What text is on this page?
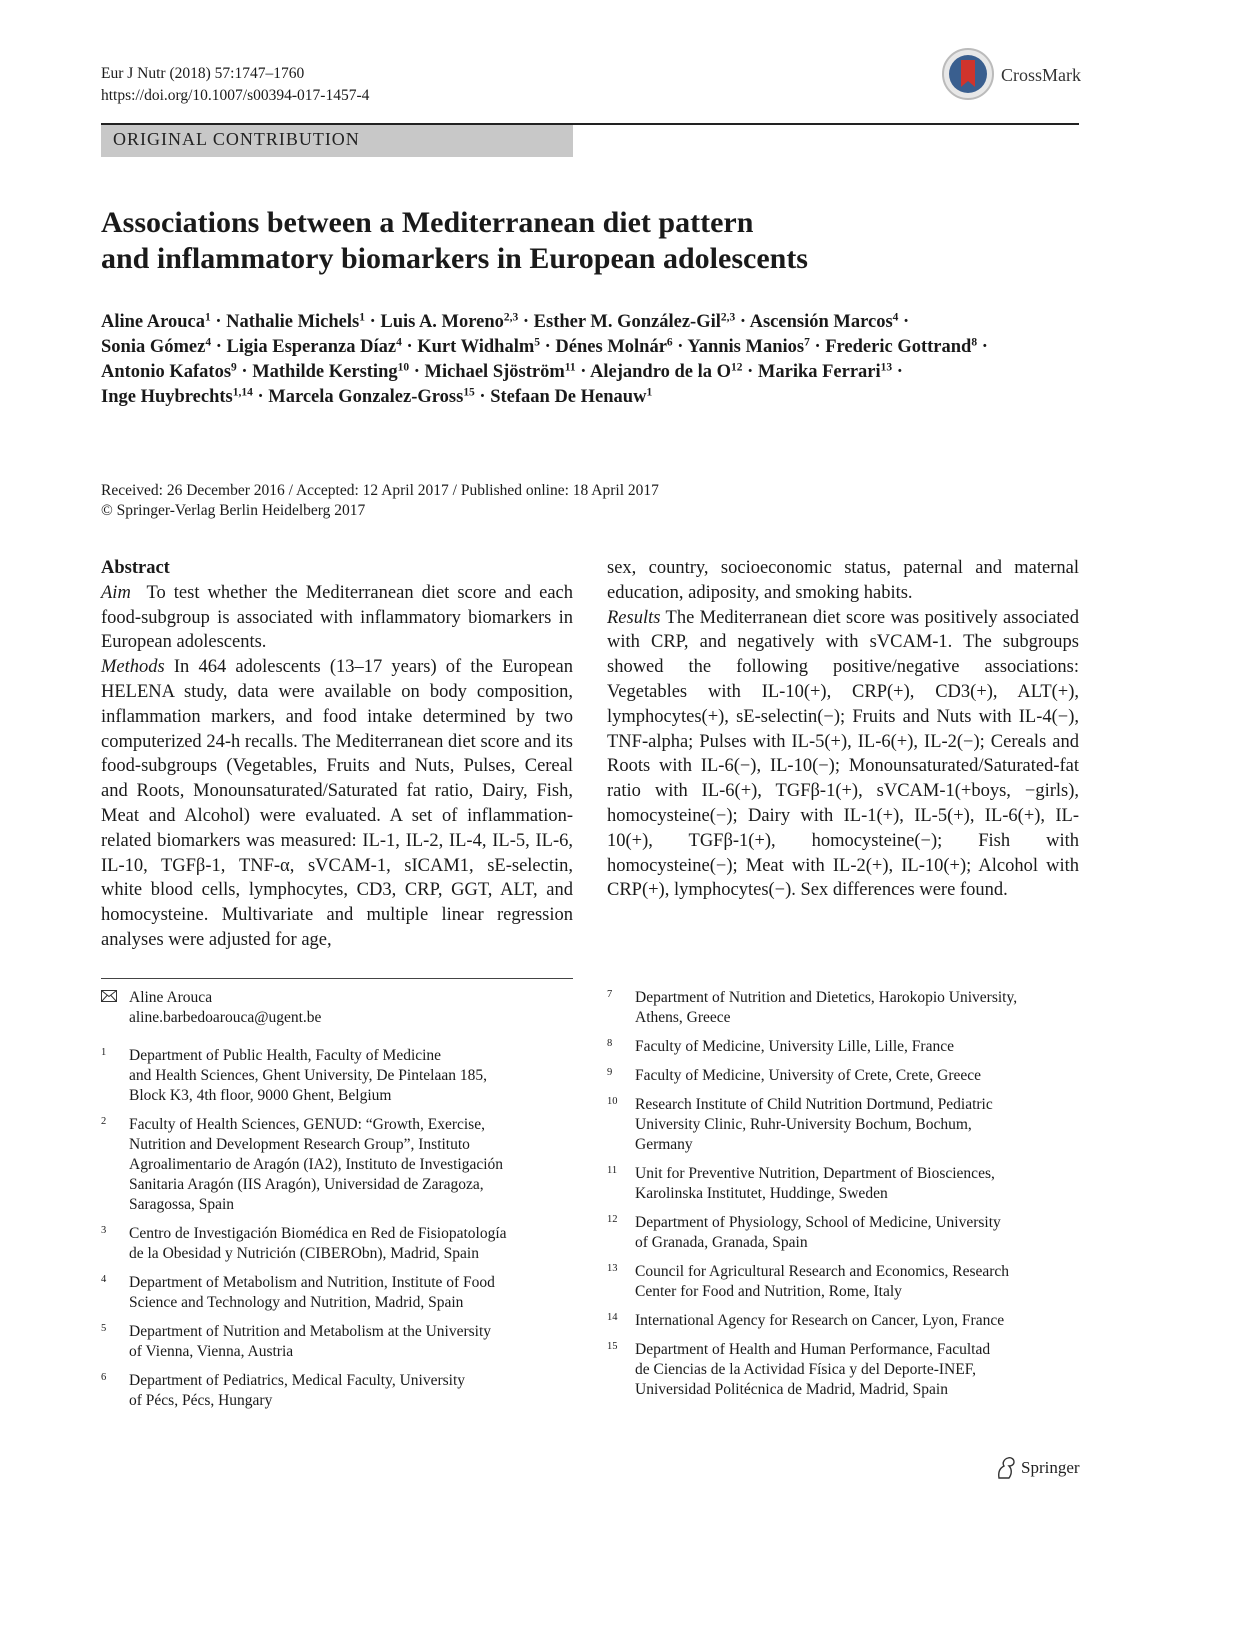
Eur J Nutr (2018) 57:1747–1760
https://doi.org/10.1007/s00394-017-1457-4
CrossMark
ORIGINAL CONTRIBUTION
Associations between a Mediterranean diet pattern
and inflammatory biomarkers in European adolescents
Aline Arouca$^1$ · Nathalie Michels$^1$ · Luis A. Moreno$^{2,3}$ · Esther M. González-Gil$^{2,3}$ · Ascensión Marcos$^4$ ·
Sonia Gómez$^4$ · Ligia Esperanza Díaz$^4$ · Kurt Widhalm$^5$ · Dénes Molnár$^6$ · Yannis Manios$^7$ · Frederic Gottrand$^8$ ·
Antonio Kafatos$^9$ · Mathilde Kersting$^{10}$ · Michael Sjöström$^{11}$ · Alejandro de la $O^{12}$ · Marika Ferrari$^{13}$ ·
Inge Huybrechts$^{1,14}$ · Marcela Gonzalez-Gross$^{15}$ · Stefaan De Henauw$^1$
Received: 26 December 2016 / Accepted: 12 April 2017 / Published online: 18 April 2017
© Springer-Verlag Berlin Heidelberg 2017
Abstract
Aim To test whether the Mediterranean diet score and each food-subgroup is associated with inflammatory biomarkers in European adolescents.
Methods In 464 adolescents (13–17 years) of the European HELENA study, data were available on body composition, inflammation markers, and food intake determined by two computerized 24-h recalls. The Mediterranean diet score and its food-subgroups (Vegetables, Fruits and Nuts, Pulses, Cereal and Roots, Monounsaturated/Saturated fat ratio, Dairy, Fish, Meat and Alcohol) were evaluated. A set of inflammation-related biomarkers was measured: IL-1, IL-2, IL-4, IL-5, IL-6, IL-10, TGFβ-1, TNF-α, sVCAM-1, sICAM1, sE-selectin, white blood cells, lymphocytes, CD3, CRP, GGT, ALT, and homocysteine. Multivariate and multiple linear regression analyses were adjusted for age,
sex, country, socioeconomic status, paternal and maternal education, adiposity, and smoking habits.
Results The Mediterranean diet score was positively associated with CRP, and negatively with sVCAM-1. The subgroups showed the following positive/negative associations: Vegetables with IL-10(+), CRP(+), CD3(+), ALT(+), lymphocytes(+), sE-selectin(−); Fruits and Nuts with IL-4(−), TNF-alpha; Pulses with IL-5(+), IL-6(+), IL-2(−); Cereals and Roots with IL-6(−), IL-10(−); Monounsaturated/Saturated-fat ratio with IL-6(+), TGFβ-1(+), sVCAM-1(+boys, −girls), homocysteine(−); Dairy with IL-1(+), IL-5(+), IL-6(+), IL-10(+), TGFβ-1(+), homocysteine(−); Fish with homocysteine(−); Meat with IL-2(+), IL-10(+); Alcohol with CRP(+), lymphocytes(−). Sex differences were found.
Aline Arouca
aline.barbedoarouca@ugent.be
1 Department of Public Health, Faculty of Medicine
and Health Sciences, Ghent University, De Pintelaan 185,
Block K3, 4th floor, 9000 Ghent, Belgium
2 Faculty of Health Sciences, GENUD: “Growth, Exercise,
Nutrition and Development Research Group”, Instituto
Agroalimentario de Aragón (IA2), Instituto de Investigación
Sanitaria Aragón (IIS Aragón), Universidad de Zaragoza,
Saragossa, Spain
3 Centro de Investigación Biomédica en Red de Fisiopatología
de la Obesidad y Nutrición (CIBERObn), Madrid, Spain
4 Department of Metabolism and Nutrition, Institute of Food
Science and Technology and Nutrition, Madrid, Spain
5 Department of Nutrition and Metabolism at the University
of Vienna, Vienna, Austria
6 Department of Pediatrics, Medical Faculty, University
of Pécs, Pécs, Hungary
7 Department of Nutrition and Dietetics, Harokopio University,
Athens, Greece
8 Faculty of Medicine, University Lille, Lille, France
9 Faculty of Medicine, University of Crete, Crete, Greece
10 Research Institute of Child Nutrition Dortmund, Pediatric
University Clinic, Ruhr-University Bochum, Bochum,
Germany
11 Unit for Preventive Nutrition, Department of Biosciences,
Karolinska Institutet, Huddinge, Sweden
12 Department of Physiology, School of Medicine, University
of Granada, Granada, Spain
13 Council for Agricultural Research and Economics, Research
Center for Food and Nutrition, Rome, Italy
14 International Agency for Research on Cancer, Lyon, France
15 Department of Health and Human Performance, Facultad
de Ciencias de la Actividad Física y del Deporte-INEF,
Universidad Politécnica de Madrid, Madrid, Spain
Springer
